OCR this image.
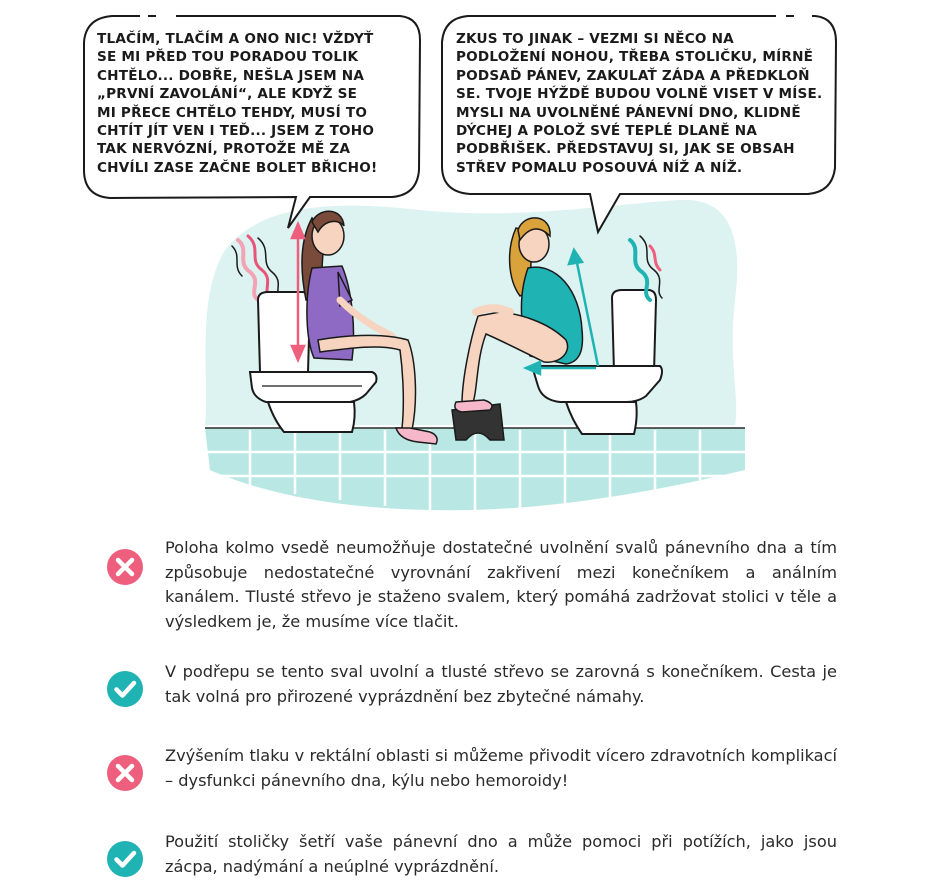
TLAČÍM, TLAČÍM A ONO NIC! VŽDYŤ
SE MI PŘED TOU PORADOU TOLIK
CHTĚLO... DOBŘE, NEŠLA JSEM NA
„PRVNÍ ZAVOLÁNÍ“, ALE KDYŽ SE
MI PŘECE CHTĚLO TEHDY, MUSÍ TO
CHTÍT JÍT VEN I TEĎ... JSEM Z TOHO
TAK NERVÓZNÍ, PROTOŽE MĚ ZA
CHVÍLI ZASE ZAČNE BOLET BŘICHO!
ZKUS TO JINAK – VEZMI SI NĚCO NA
PODLOŽENÍ NOHOU, TŘEBA STOLIČKU, MÍRNĚ
PODSAĎ PÁNEV, ZAKULAŤ ZÁDA A PŘEDKLOŇ
SE. TVOJE HÝŽDĚ BUDOU VOLNĚ VISET V MÍSE.
MYSLI NA UVOLNĚNÉ PÁNEVNÍ DNO, KLIDNĚ
DÝCHEJ A POLOŽ SVÉ TEPLÉ DLANĚ NA
PODBŘIŠEK. PŘEDSTAVUJ SI, JAK SE OBSAH
STŘEV POMALU POSOUVÁ NÍŽ A NÍŽ.
Poloha kolmo vsedě neumožňuje dostatečné uvolnění svalů pánevního dna a tím způsobuje nedostatečné vyrovnání zakřivení mezi konečníkem a análním kanálem. Tlusté střevo je staženo svalem, který pomáhá zadržovat stolici v těle a výsledkem je, že musíme více tlačit.
V podřepu se tento sval uvolní a tlusté střevo se zarovná s konečníkem. Cesta je tak volná pro přirozené vyprázdnění bez zbytečné námahy.
Zvýšením tlaku v rektální oblasti si můžeme přivodit vícero zdravotních komplikací – dysfunkci pánevního dna, kýlu nebo hemoroidy!
Použití stoličky šetří vaše pánevní dno a může pomoci při potížích, jako jsou zácpa, nadýmání a neúplné vyprázdnění.
